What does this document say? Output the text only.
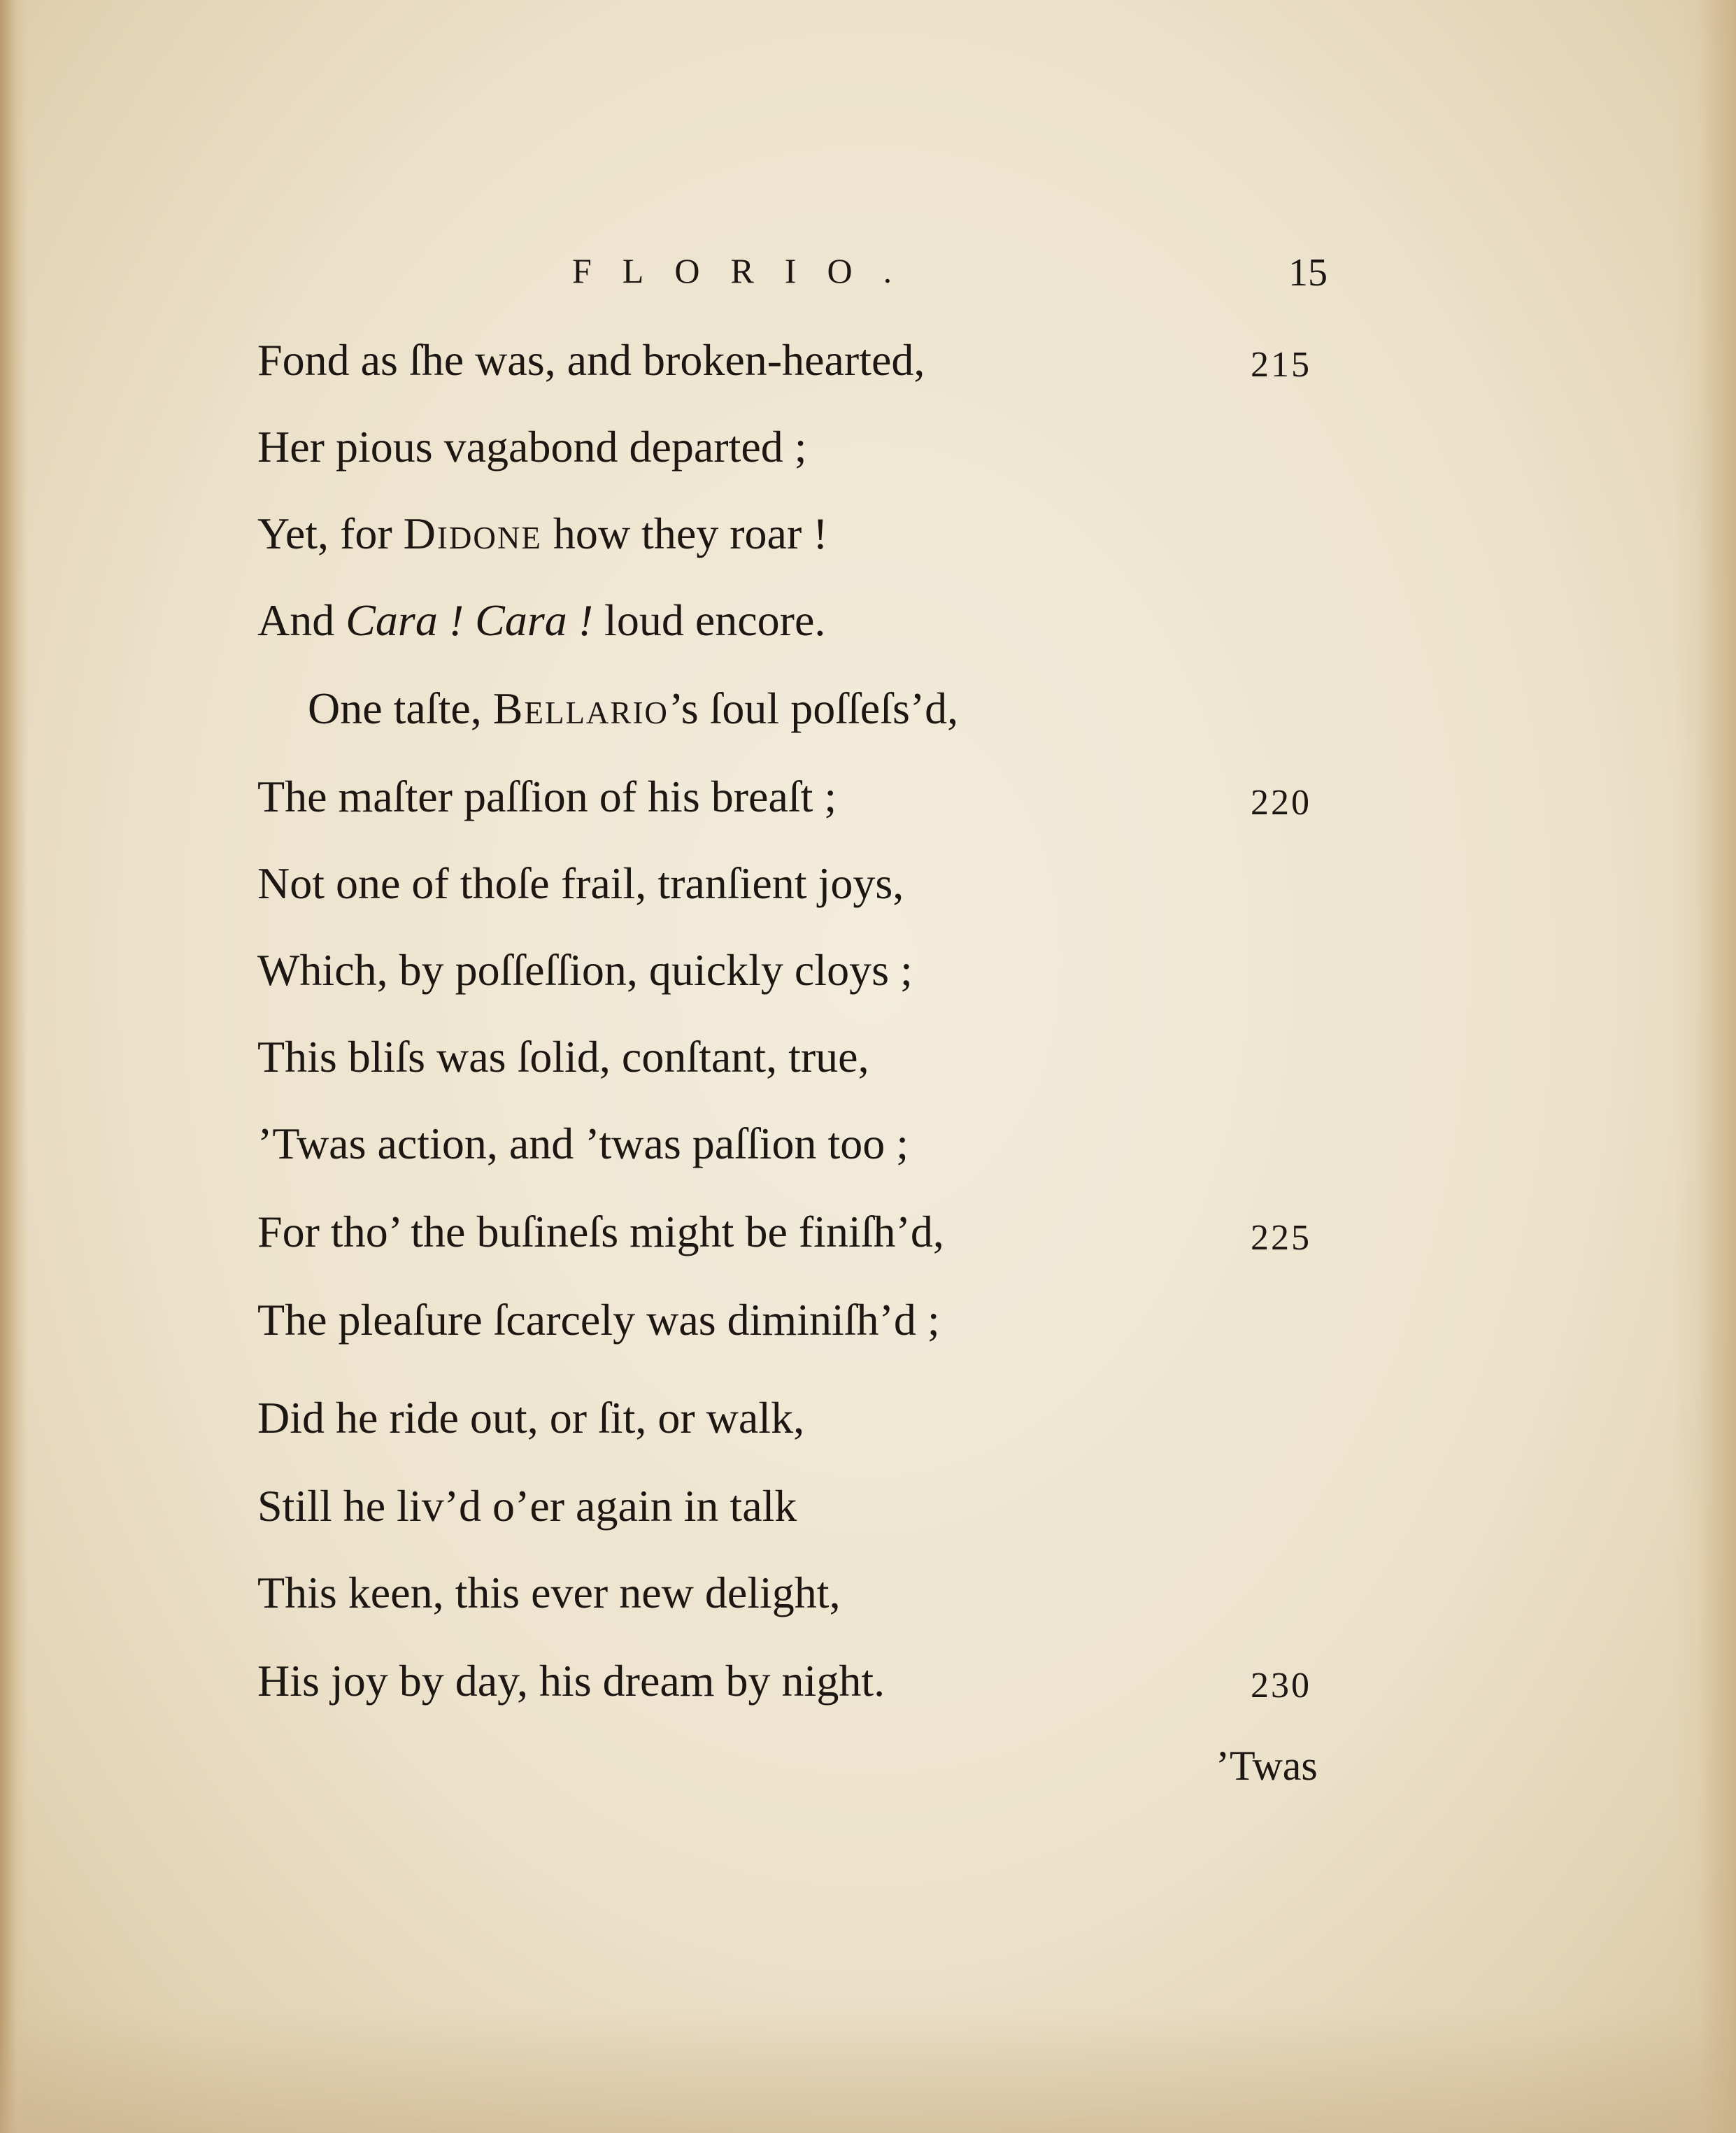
FLORIO.	15
Fond as ſhe was, and broken-hearted,	215
Her pious vagabond departed ;
Yet, for Didone how they roar !
And Cara ! Cara ! loud encore.
One taſte, Bellario’s ſoul poſſeſs’d,
The maſter paſſion of his breaſt ;	220
Not one of thoſe frail, tranſient joys,
Which, by poſſeſſion, quickly cloys ;
This bliſs was ſolid, conſtant, true,
’Twas action, and ’twas paſſion too ;
For tho’ the buſineſs might be finiſh’d,	225
The pleaſure ſcarcely was diminiſh’d ;
Did he ride out, or ſit, or walk,
Still he liv’d o’er again in talk
This keen, this ever new delight,
His joy by day, his dream by night.	230
’Twas
